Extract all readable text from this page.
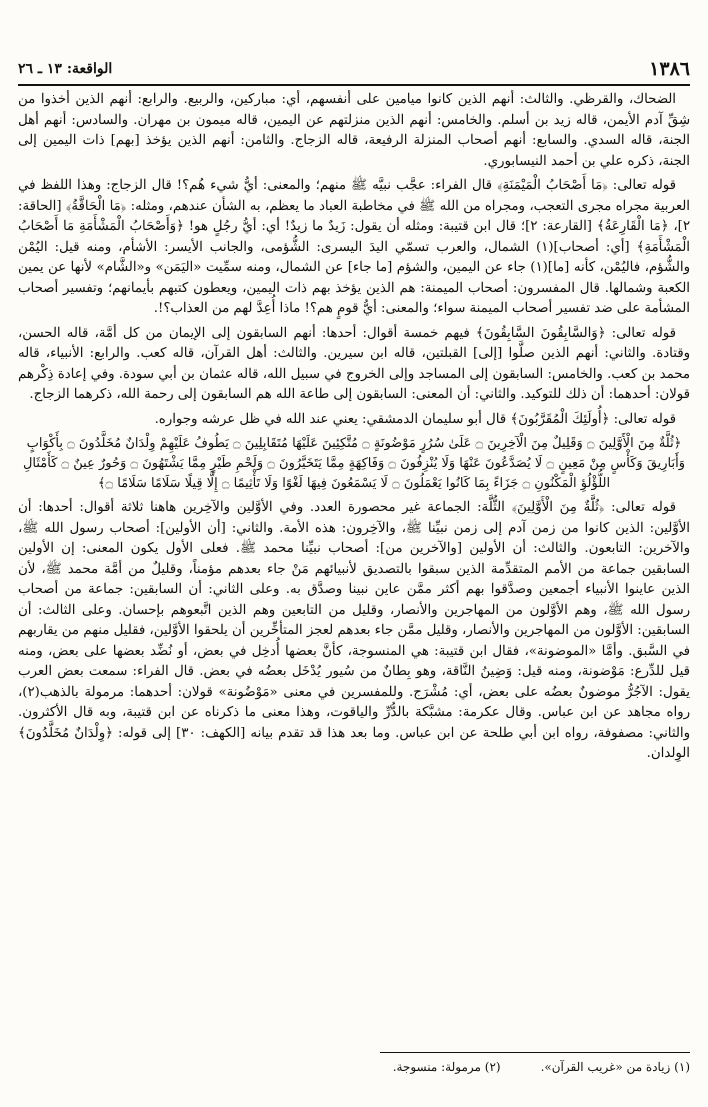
١٣٨٦
الواقعة: ١٣ ـ ٢٦

الضحاك، والقرظي. والثالث: أنهم الذين كانوا ميامين على أنفسهم، أي: مباركين، والربيع. والرابع: أنهم الذين أخذوا من شِقِّ آدم الأيمن، قاله زيد بن أسلم. والخامس: أنهم الذين منزلتهم عن اليمين، قاله ميمون بن مهران. والسادس: أنهم أهل الجنة، قاله السدي. والسابع: أنهم أصحاب المنزلة الرفيعة، قاله الزجاج. والثامن: أنهم الذين يؤخذ [بهم] ذات اليمين إلى الجنة، ذكره علي بن أحمد النيسابوري.

قوله تعالى: ﴿مَا أَصْحَابُ الْمَيْمَنَةِ﴾ قال الفراء: عجَّب نبيَّه ﷺ منهم؛ والمعنى: أيُّ شيء هُم؟! قال الزجاج: وهذا اللفظ في العربية مجراه مجرى التعجب، ومجراه من الله ﷺ في مخاطبة العباد ما يعظم، به الشأن عندهم، ومثله: ﴿مَا الْحَاقَّةُ﴾ [الحاقة: ٢]، ﴿مَا الْقَارِعَةُ﴾ [القارعة: ٢]؛ قال ابن قتيبة: ومثله أن يقول: زَيدٌ ما زيدٌ! أي: أيُّ رجُلٍ هو! ﴿وَأَصْحَابُ الْمَشْأَمَةِ مَا أَصْحَابُ الْمَشْأَمَةِ﴾ [أي: أصحاب](١) الشمال، والعرب تسمّي اليدَ اليسرى: الشُّؤمى، والجانب الأيسر: الأشأم، ومنه قيل: اليُمْن والشُّؤم، فاليُمْن، كأنه [ما](١) جاء عن اليمين، والشؤم [ما جاء] عن الشمال، ومنه سمِّيت «اليَمَن» و«الشَّام» لأنها عن يمين الكعبة وشمالها. قال المفسرون: أصحاب الميمنة: هم الذين يؤخذ بهم ذات اليمين، ويعطون كتبهم بأيمانهم؛ وتفسير أصحاب المشأمة على ضد تفسير أصحاب الميمنة سواء؛ والمعنى: أيُّ قومٍ هم؟! ماذا أُعِدَّ لهم من العذاب؟!.

قوله تعالى: ﴿وَالسَّابِقُونَ السَّابِقُونَ﴾ فيهم خمسة أقوال: أحدها: أنهم السابقون إلى الإيمان من كل أمَّة، قاله الحسن، وقتادة. والثاني: أنهم الذين صلَّوا [إلى] القبلتين، قاله ابن سيرين. والثالث: أهل القرآن، قاله كعب. والرابع: الأنبياء، قاله محمد بن كعب. والخامس: السابقون إلى المساجد وإلى الخروج في سبيل الله، قاله عثمان بن أبي سودة. وفي إعادة ذِكْرهم قولان: أحدهما: أن ذلك للتوكيد. والثاني: أن المعنى: السابقون إلى طاعة الله هم السابقون إلى رحمة الله، ذكرهما الزجاج.

قوله تعالى: ﴿أُولَئِكَ الْمُقَرَّبُونَ﴾ قال أبو سليمان الدمشقي: يعني عند الله في ظل عرشه وجواره.

﴿ثُلَّةٌ مِنَ الْأَوَّلِينَ ۝ وَقَلِيلٌ مِنَ الْآخِرِينَ ۝ عَلَىٰ سُرُرٍ مَوْضُونَةٍ ۝ مُتَّكِئِينَ عَلَيْهَا مُتَقَابِلِينَ ۝ يَطُوفُ عَلَيْهِمْ وِلْدَانٌ مُخَلَّدُونَ ۝ بِأَكْوَابٍ وَأَبَارِيقَ وَكَأْسٍ مِنْ مَعِينٍ ۝ لَا يُصَدَّعُونَ عَنْهَا وَلَا يُنْزِفُونَ ۝ وَفَاكِهَةٍ مِمَّا يَتَخَيَّرُونَ ۝ وَلَحْمِ طَيْرٍ مِمَّا يَشْتَهُونَ ۝ وَحُورٌ عِينٌ ۝ كَأَمْثَالِ اللُّؤْلُؤِ الْمَكْنُونِ ۝ جَزَاءً بِمَا كَانُوا يَعْمَلُونَ ۝ لَا يَسْمَعُونَ فِيهَا لَغْوًا وَلَا تَأْثِيمًا ۝ إِلَّا قِيلًا سَلَامًا سَلَامًا ۝﴾

قوله تعالى: ﴿ثُلَّةٌ مِنَ الْأَوَّلِينَ﴾ الثُّلَّة: الجماعة غير محصورة العدد. وفي الأوَّلين والآخِرين هاهنا ثلاثة أقوال: أحدها: أن الأوَّلين: الذين كانوا من زمن آدم إلى زمن نبيِّنا ﷺ، والآخِرون: هذه الأمة. والثاني: [أن الأولين]: أصحاب رسول الله ﷺ، والآخرين: التابعون. والثالث: أن الأولين [والآخرين من]: أصحاب نبيِّنا محمد ﷺ. فعلى الأول يكون المعنى: إن الأولين السابقين جماعة من الأمم المتقدِّمة الذين سبقوا بالتصديق لأنبيائهم مَنْ جاء بعدهم مؤمناً، وقليلٌ من أمَّة محمد ﷺ، لأن الذين عاينوا الأنبياء أجمعين وصدَّقوا بهم أكثر ممَّن عاين نبينا وصدَّق به. وعلى الثاني: أن السابقين: جماعة من أصحاب رسول الله ﷺ، وهم الأوَّلون من المهاجرين والأنصار، وقليل من التابعين وهم الذين اتَّبعوهم بإحسان. وعلى الثالث: أن السابقين: الأوَّلون من المهاجرين والأنصار، وقليل ممَّن جاء بعدهم لعجز المتأخِّرين أن يلحقوا الأوَّلين، فقليل منهم من يقاربهم في السَّبق. وأمَّا «الموضونة»، فقال ابن قتيبة: هي المنسوجة، كأنَّ بعضها أُدخِل في بعض، أو نُضِّد بعضها على بعض، ومنه قيل للدِّرع: مَوْضونة، ومنه قيل: وَضِينُ النَّاقة، وهو بِطانٌ من سُيور يُدْخَل بعضُه في بعض. قال الفراء: سمعت بعض العرب يقول: الآجُرُّ موضونٌ بعضُه على بعض، أي: مُشْرَج. وللمفسرين في معنى «مَوْضُونة» قولان: أحدهما: مرمولة بالذهب(٢)، رواه مجاهد عن ابن عباس. وقال عكرمة: مشبَّكة بالدُّرِّ والياقوت، وهذا معنى ما ذكرناه عن ابن قتيبة، وبه قال الأكثرون. والثاني: مصفوفة، رواه ابن أبي طلحة عن ابن عباس. وما بعد هذا قد تقدم بيانه [الكهف: ٣٠] إلى قوله: ﴿وِلْدَانٌ مُخَلَّدُونَ﴾ الوِلدان.

(١) زيادة من «غريب القرآن».
(٢) مرمولة: منسوجة.
